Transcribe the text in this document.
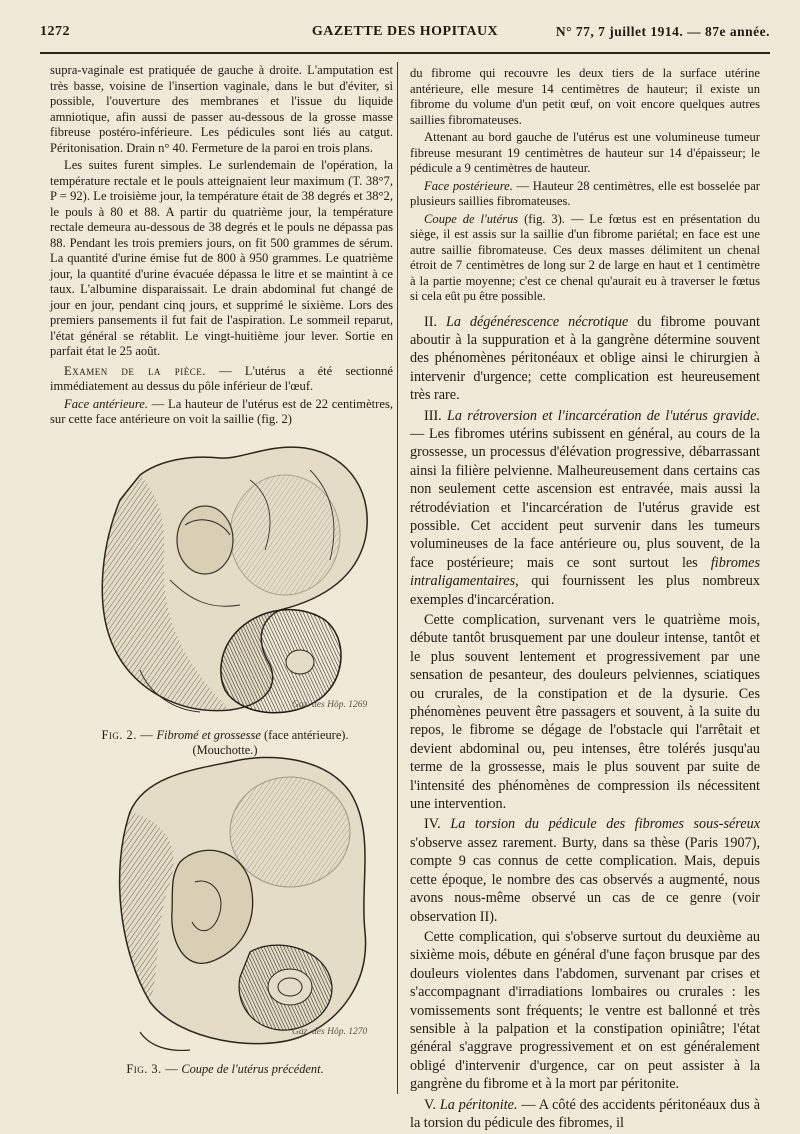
1272	GAZETTE DES HOPITAUX	N° 77, 7 juillet 1914. — 87e année.

supra-vaginale est pratiquée de gauche à droite. L'amputation est très basse, voisine de l'insertion vaginale, dans le but d'éviter, si possible, l'ouverture des membranes et l'issue du liquide amniotique, afin aussi de passer au-dessous de la grosse masse fibreuse postéro-inférieure. Les pédicules sont liés au catgut. Péritonisation. Drain n° 40. Fermeture de la paroi en trois plans.

Les suites furent simples. Le surlendemain de l'opération, la température rectale et le pouls atteignaient leur maximum (T. 38°7, P = 92). Le troisième jour, la température était de 38 degrés et 38°2, le pouls à 80 et 88. A partir du quatrième jour, la température rectale demeura au-dessous de 38 degrés et le pouls ne dépassa pas 88. Pendant les trois premiers jours, on fit 500 grammes de sérum. La quantité d'urine émise fut de 800 à 950 grammes. Le quatrième jour, la quantité d'urine évacuée dépassa le litre et se maintint à ce taux. L'albumine disparaissait. Le drain abdominal fut changé de jour en jour, pendant cinq jours, et supprimé le sixième. Lors des premiers pansements il fut fait de l'aspiration. Le sommeil reparut, l'état général se rétablit. Le vingt-huitième jour lever. Sortie en parfait état le 25 août.

Examen de la pièce. — L'utérus a été sectionné immédiatement au dessus du pôle inférieur de l'œuf.

Face antérieure. — La hauteur de l'utérus est de 22 centimètres, sur cette face antérieure on voit la saillie (fig. 2)

Gaz. des Hôp. 1269
Fig. 2. — Fibromé et grossesse (face antérieure).
(Mouchotte.)
Gaz. des Hôp. 1270
Fig. 3. — Coupe de l'utérus précédent.

du fibrome qui recouvre les deux tiers de la surface utérine antérieure, elle mesure 14 centimètres de hauteur; il existe un fibrome du volume d'un petit œuf, on voit encore quelques autres saillies fibromateuses.

Attenant au bord gauche de l'utérus est une volumineuse tumeur fibreuse mesurant 19 centimètres de hauteur sur 14 d'épaisseur; le pédicule a 9 centimètres de hauteur.

Face postérieure. — Hauteur 28 centimètres, elle est bosselée par plusieurs saillies fibromateuses.

Coupe de l'utérus (fig. 3). — Le fœtus est en présentation du siège, il est assis sur la saillie d'un fibrome pariétal; en face est une autre saillie fibromateuse. Ces deux masses délimitent un chenal étroit de 7 centimètres de long sur 2 de large en haut et 1 centimètre à la partie moyenne; c'est ce chenal qu'aurait eu à traverser le fœtus si cela eût pu être possible.

II. La dégénérescence nécrotique du fibrome pouvant aboutir à la suppuration et à la gangrène détermine souvent des phénomènes péritonéaux et oblige ainsi le chirurgien à intervenir d'urgence; cette complication est heureusement très rare.

III. La rétroversion et l'incarcération de l'utérus gravide. — Les fibromes utérins subissent en général, au cours de la grossesse, un processus d'élévation progressive, débarrassant ainsi la filière pelvienne. Malheureusement dans certains cas non seulement cette ascension est entravée, mais aussi la rétrodéviation et l'incarcération de l'utérus gravide est possible. Cet accident peut survenir dans les tumeurs volumineuses de la face antérieure ou, plus souvent, de la face postérieure; mais ce sont surtout les fibromes intraligamentaires, qui fournissent les plus nombreux exemples d'incarcération.

Cette complication, survenant vers le quatrième mois, débute tantôt brusquement par une douleur intense, tantôt et le plus souvent lentement et progressivement par une sensation de pesanteur, des douleurs pelviennes, sciatiques ou crurales, de la constipation et de la dysurie. Ces phénomènes peuvent être passagers et souvent, à la suite du repos, le fibrome se dégage de l'obstacle qui l'arrêtait et devient abdominal ou, peu intenses, être tolérés jusqu'au terme de la grossesse, mais le plus souvent par suite de l'intensité des phénomènes de compression ils nécessitent une intervention.

IV. La torsion du pédicule des fibromes sous-séreux s'observe assez rarement. Burty, dans sa thèse (Paris 1907), compte 9 cas connus de cette complication. Mais, depuis cette époque, le nombre des cas observés a augmenté, nous avons nous-même observé un cas de ce genre (voir observation II).

Cette complication, qui s'observe surtout du deuxième au sixième mois, débute en général d'une façon brusque par des douleurs violentes dans l'abdomen, survenant par crises et s'accompagnant d'irradiations lombaires ou crurales : les vomissements sont fréquents; le ventre est ballonné et très sensible à la palpation et la constipation opiniâtre; l'état général s'aggrave progressivement et on est généralement obligé d'intervenir d'urgence, car on peut assister à la gangrène du fibrome et à la mort par péritonite.

V. La péritonite. — A côté des accidents péritonéaux dus à la torsion du pédicule des fibromes, il
